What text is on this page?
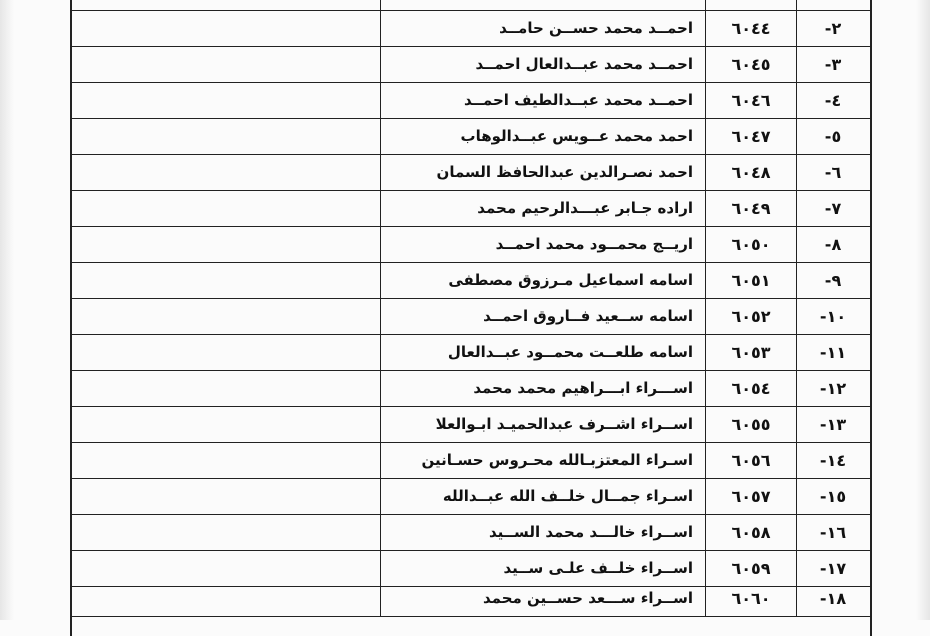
احمــد محمد حســن حامــد	٦٠٤٤	٢-
احمــد محمد عبــدالعال احمــد	٦٠٤٥	٣-
احمــد محمد عبــدالطيف احمــد	٦٠٤٦	٤-
احمد محمد عــويس عبــدالوهاب	٦٠٤٧	٥-
احمد نصـرالدين عبدالحافظ السمان	٦٠٤٨	٦-
اراده جـابر عبـــدالرحيم محمد	٦٠٤٩	٧-
اريــج محمــود محمد احمــد	٦٠٥٠	٨-
اسامه اسماعيل مـرزوق مصطفى	٦٠٥١	٩-
اسامه ســعيد فــاروق احمــد	٦٠٥٢	١٠-
اسامه طلعــت محمــود عبــدالعال	٦٠٥٣	١١-
اســـراء ابـــراهيم محمد محمد	٦٠٥٤	١٢-
اســراء اشــرف عبدالحميـد ابـوالعلا	٦٠٥٥	١٣-
اسـراء المعتزبـالله محـروس حسـانين	٦٠٥٦	١٤-
اسـراء جمــال خلــف الله عبــدالله	٦٠٥٧	١٥-
اســراء خالـــد محمد الســيد	٦٠٥٨	١٦-
اســراء خلــف علـى ســيد	٦٠٥٩	١٧-
اســراء ســـعد حســين محمد	٦٠٦٠	١٨-
